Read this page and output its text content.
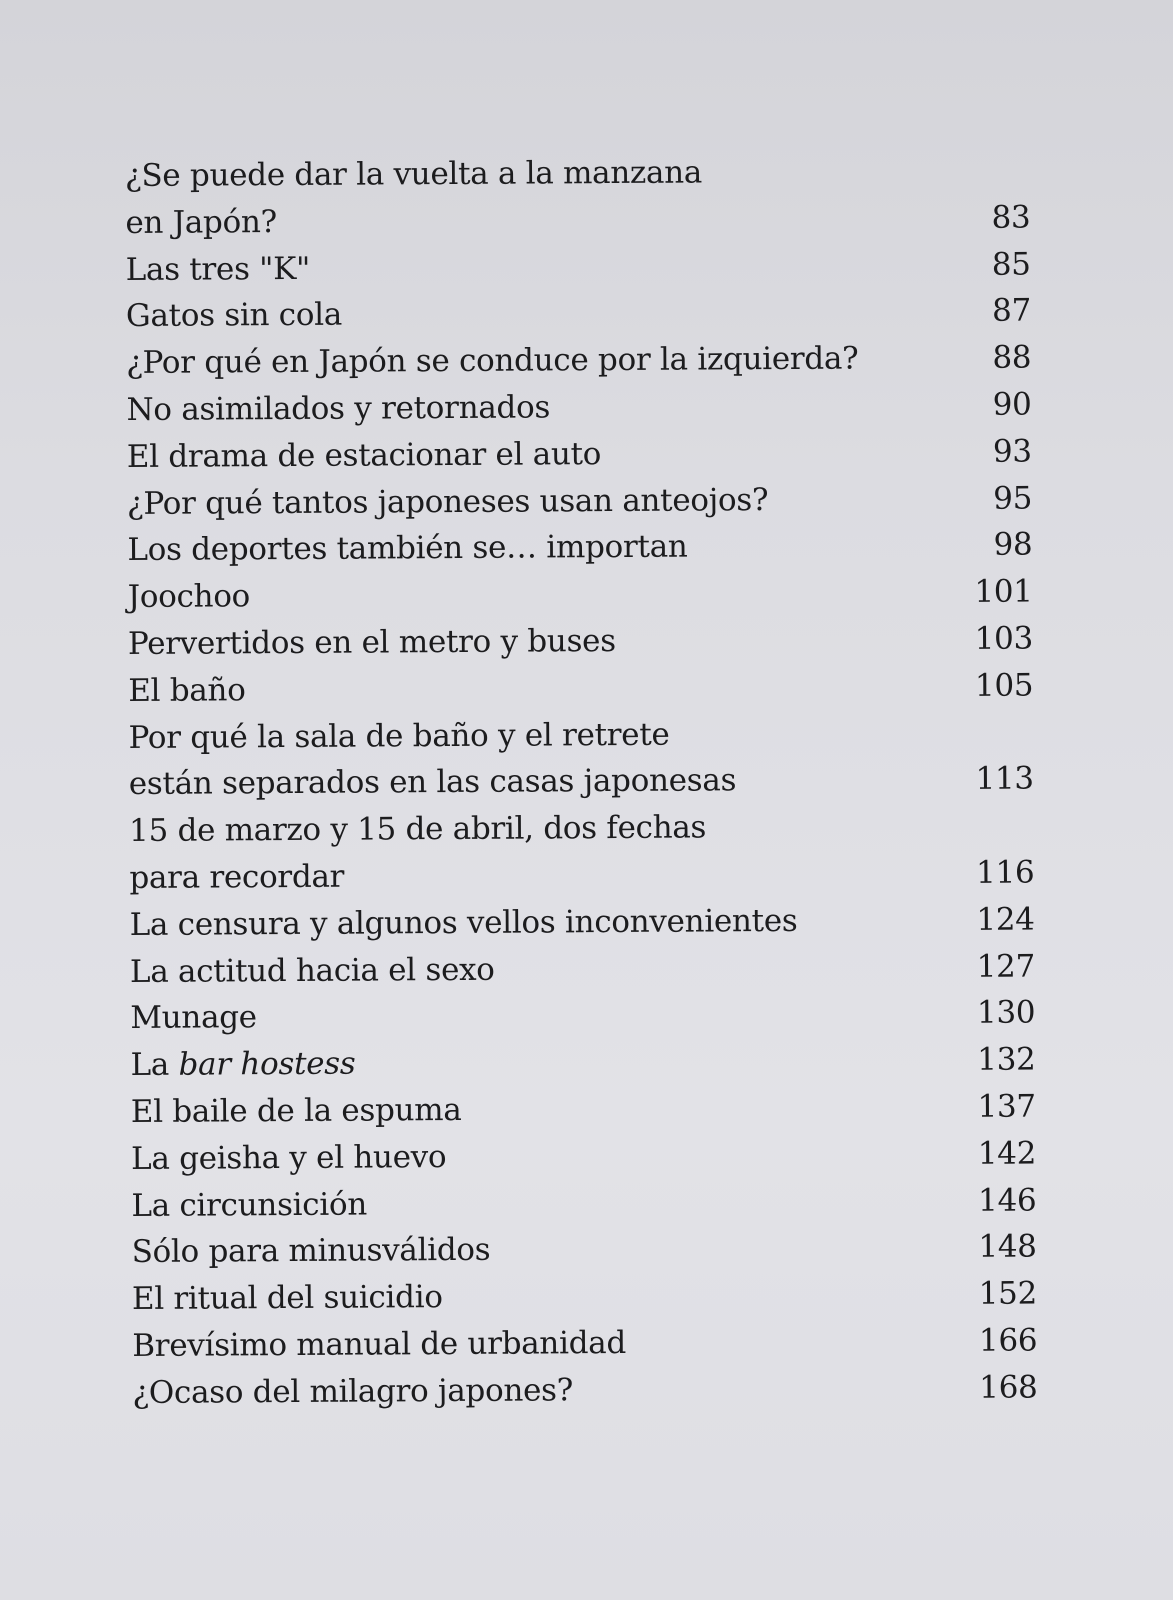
¿Se puede dar la vuelta a la manzana
en Japón?	83
Las tres "K"	85
Gatos sin cola	87
¿Por qué en Japón se conduce por la izquierda?	88
No asimilados y retornados	90
El drama de estacionar el auto	93
¿Por qué tantos japoneses usan anteojos?	95
Los deportes también se… importan	98
Joochoo	101
Pervertidos en el metro y buses	103
El baño	105
Por qué la sala de baño y el retrete
están separados en las casas japonesas	113
15 de marzo y 15 de abril, dos fechas
para recordar	116
La censura y algunos vellos inconvenientes	124
La actitud hacia el sexo	127
Munage	130
La bar hostess	132
El baile de la espuma	137
La geisha y el huevo	142
La circunsición	146
Sólo para minusválidos	148
El ritual del suicidio	152
Brevísimo manual de urbanidad	166
¿Ocaso del milagro japones?	168
